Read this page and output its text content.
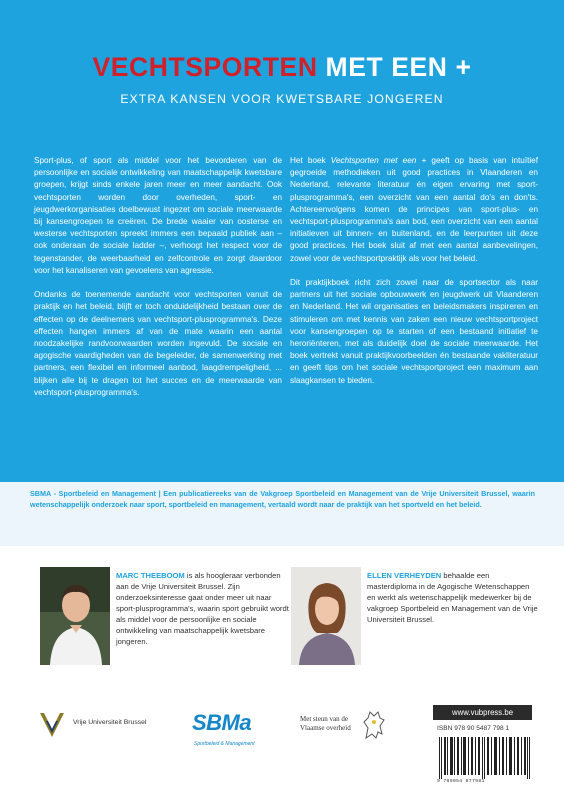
VECHTSPORTEN MET EEN +
EXTRA KANSEN VOOR KWETSBARE JONGEREN

Sport-plus, of sport als middel voor het bevorderen van de persoonlijke en sociale ontwikkeling van maatschappelijk kwetsbare groepen, krijgt sinds enkele jaren meer en meer aandacht. Ook vechtsporten worden door overheden, sport- en jeugdwerkorganisaties doelbewust ingezet om sociale meerwaarde bij kansengroepen te creëren. De brede waaier van oosterse en westerse vechtsporten spreekt immers een bepaald publiek aan – ook onderaan de sociale ladder –, verhoogt het respect voor de tegenstander, de weerbaarheid en zelfcontrole en zorgt daardoor voor het kanaliseren van gevoelens van agressie.

Ondanks de toenemende aandacht voor vechtsporten vanuit de praktijk en het beleid, blijft er toch onduidelijkheid bestaan over de effecten op de deelnemers van vechtsport-plusprogramma's. Deze effecten hangen immers af van de mate waarin een aantal noodzakelijke randvoorwaarden worden ingevuld. De sociale en agogische vaardigheden van de begeleider, de samenwerking met partners, een flexibel en informeel aanbod, laagdrempeligheid, ... blijken alle bij te dragen tot het succes en de meerwaarde van vechtsport-plusprogramma's.

Het boek Vechtsporten met een + geeft op basis van intuïtief gegroeide methodieken uit good practices in Vlaanderen en Nederland, relevante literatuur én eigen ervaring met sport-plusprogramma's, een overzicht van een aantal do's en don'ts. Achtereenvolgens komen de principes van sport-plus- en vechtsport-plusprogramma's aan bod, een overzicht van een aantal initiatieven uit binnen- en buitenland, en de leerpunten uit deze good practices. Het boek sluit af met een aantal aanbevelingen, zowel voor de vechtsportpraktijk als voor het beleid.

Dit praktijkboek richt zich zowel naar de sportsector als naar partners uit het sociale opbouwwerk en jeugdwerk uit Vlaanderen en Nederland. Het wil organisaties en beleidsmakers inspireren en stimuleren om met kennis van zaken een nieuw vechtsportproject voor kansengroepen op te starten of een bestaand initiatief te heroriënteren, met als duidelijk doel de sociale meerwaarde. Het boek vertrekt vanuit praktijkvoorbeelden én bestaande vakliteratuur en geeft tips om het sociale vechtsportproject een maximum aan slaagkansen te bieden.

SBMA - Sportbeleid en Management | Een publicatiereeks van de Vakgroep Sportbeleid en Management van de Vrije Universiteit Brussel, waarin wetenschappelijk onderzoek naar sport, sportbeleid en management, vertaald wordt naar de praktijk van het sportveld en het beleid.
MARC THEEBOOM is als hoogleraar verbonden aan de Vrije Universiteit Brussel. Zijn onderzoeksinteresse gaat onder meer uit naar sport-plusprogramma's, waarin sport gebruikt wordt als middel voor de persoonlijke en sociale ontwikkeling van maatschappelijk kwetsbare jongeren.
ELLEN VERHEYDEN behaalde een masterdiploma in de Agogische Wetenschappen en werkt als wetenschappelijk medewerker bij de vakgroep Sportbeleid en Management van de Vrije Universiteit Brussel.
Vrije Universiteit Brussel SBMa
Sportbeleid & Management
Met steun van de Vlaamse overheid
www.vubpress.be
ISBN 978 90 5487 798 1
9 789054 877981
